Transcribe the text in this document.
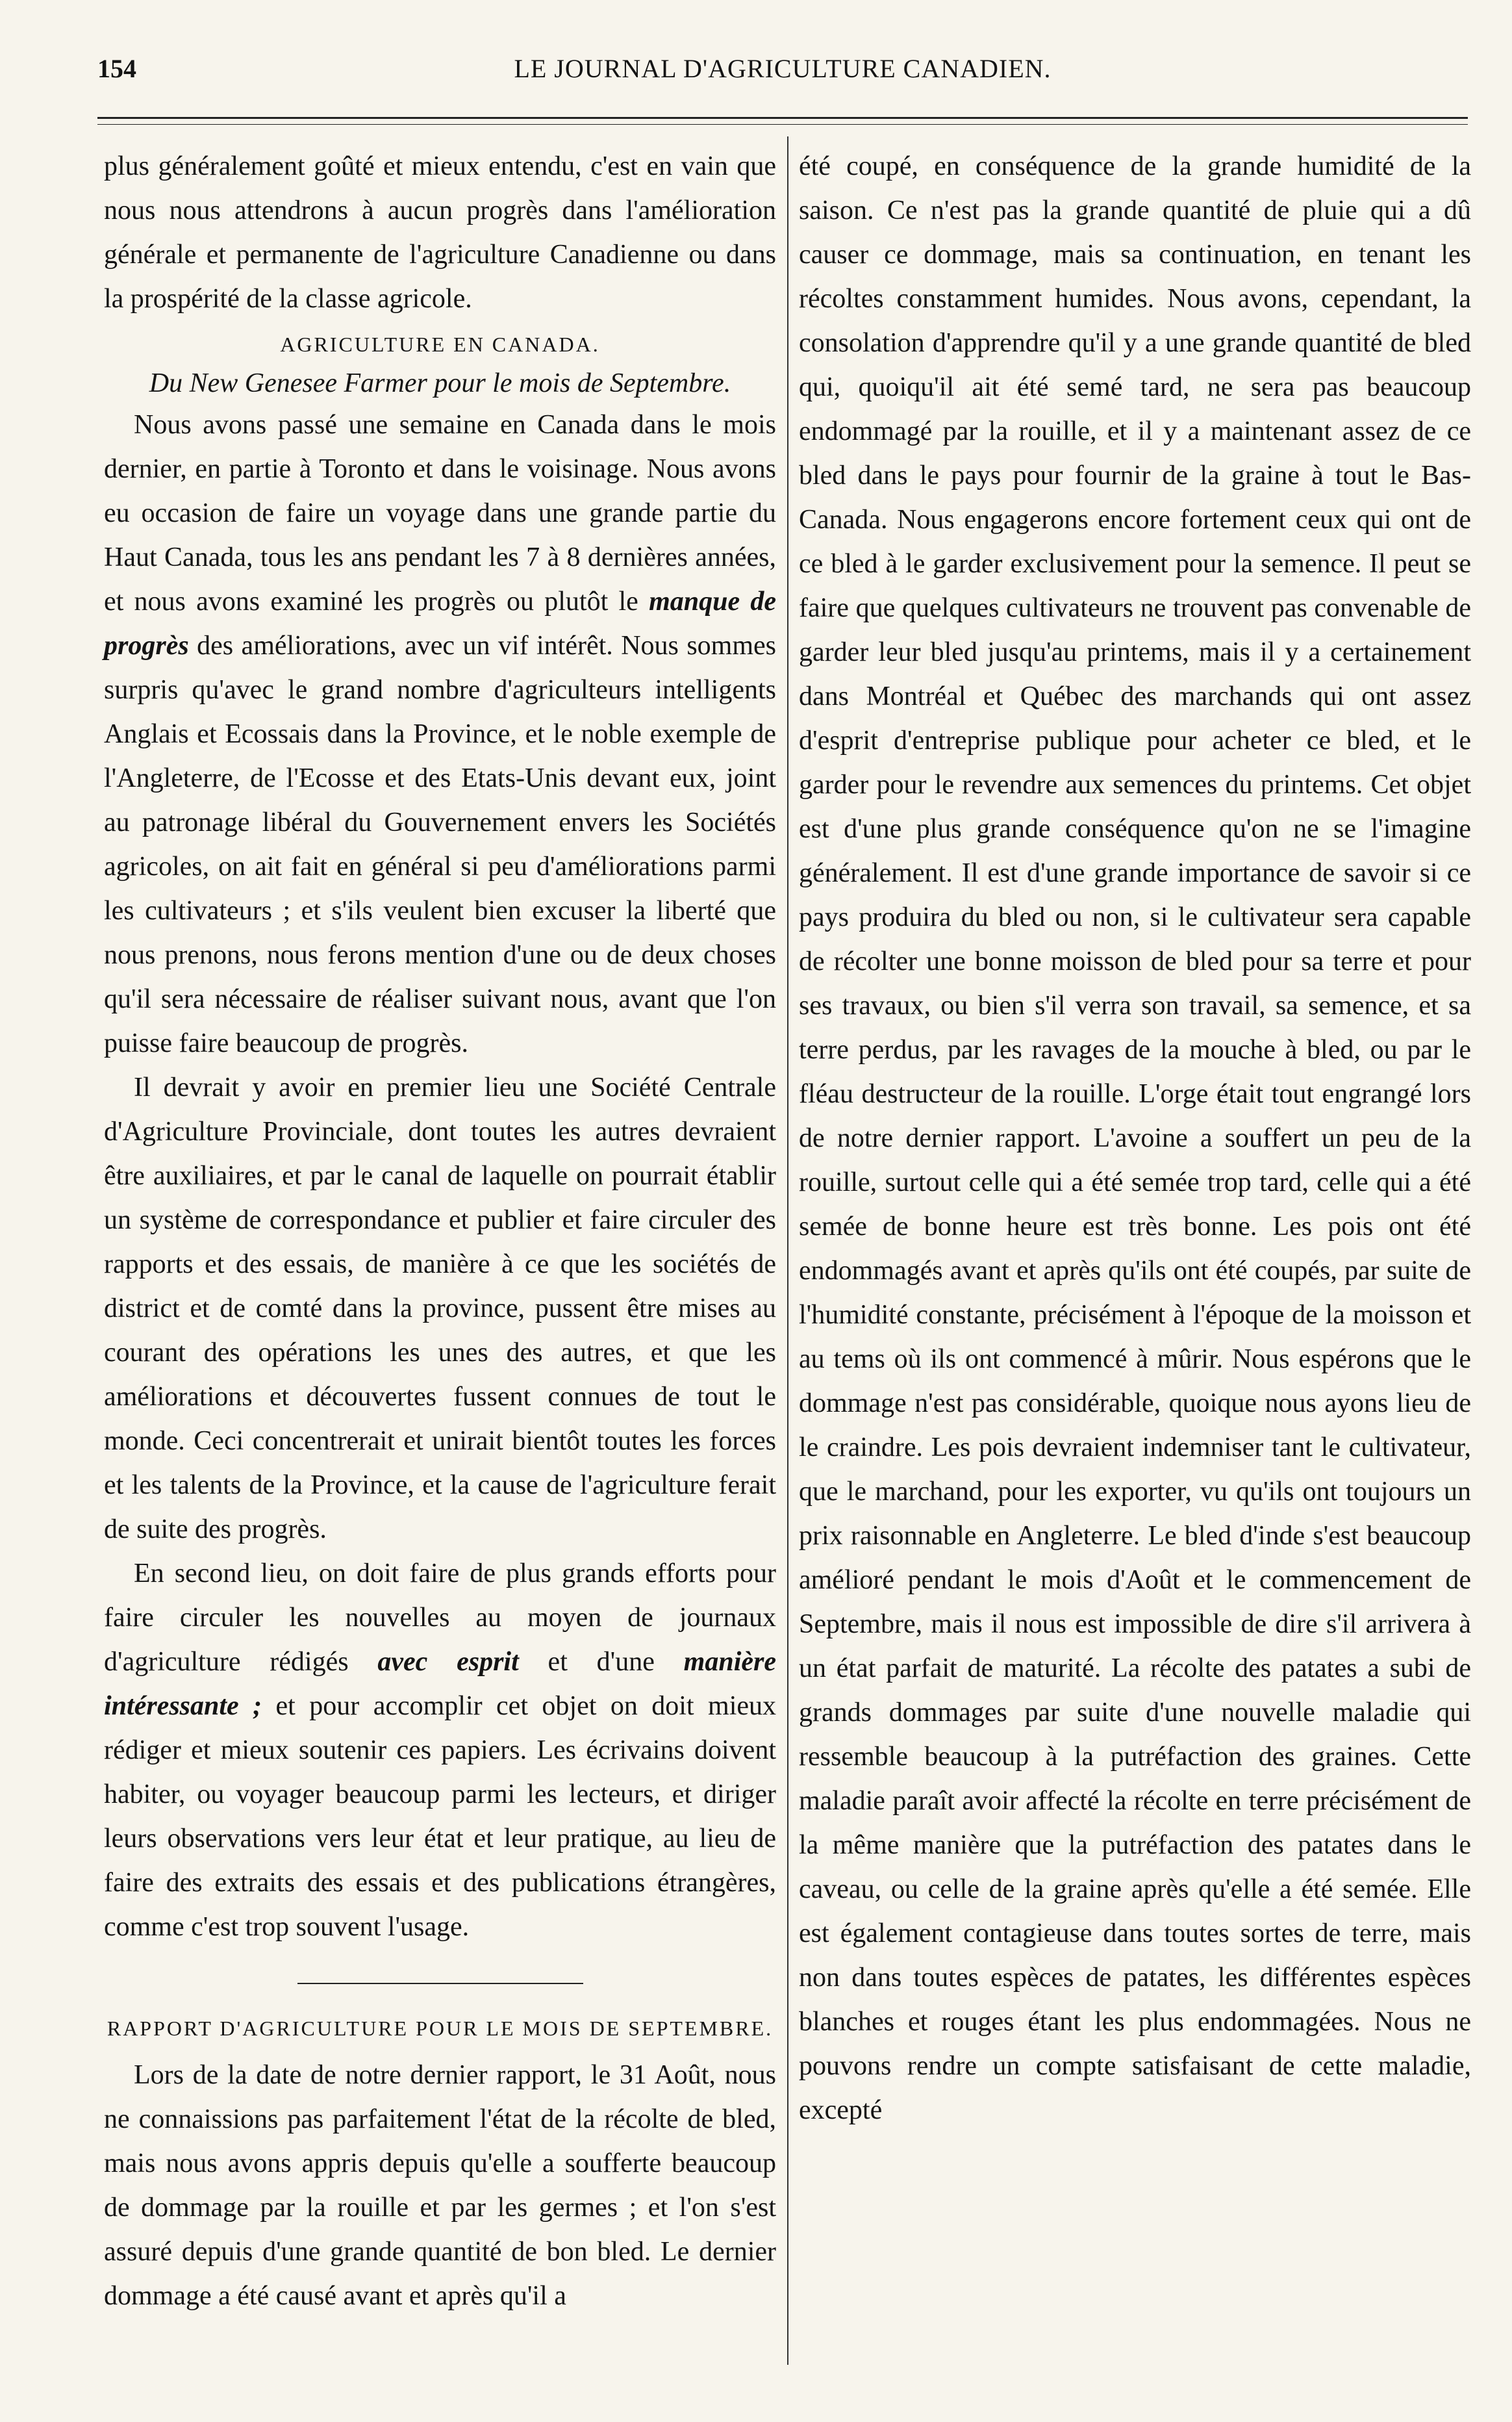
154	LE JOURNAL D'AGRICULTURE CANADIEN.

plus généralement goûté et mieux entendu, c'est en vain que nous nous attendrons à aucun progrès dans l'amélioration générale et permanente de l'agriculture Canadienne ou dans la prospérité de la classe agricole.

AGRICULTURE EN CANADA.
Du New Genesee Farmer pour le mois de Septembre.

Nous avons passé une semaine en Canada dans le mois dernier, en partie à Toronto et dans le voisinage. Nous avons eu occasion de faire un voyage dans une grande partie du Haut Canada, tous les ans pendant les 7 à 8 dernières années, et nous avons examiné les progrès ou plutôt le manque de progrès des améliorations, avec un vif intérêt. Nous sommes surpris qu'avec le grand nombre d'agriculteurs intelligents Anglais et Ecossais dans la Province, et le noble exemple de l'Angleterre, de l'Ecosse et des Etats-Unis devant eux, joint au patronage libéral du Gouvernement envers les Sociétés agricoles, on ait fait en général si peu d'améliorations parmi les cultivateurs ; et s'ils veulent bien excuser la liberté que nous prenons, nous ferons mention d'une ou de deux choses qu'il sera nécessaire de réaliser suivant nous, avant que l'on puisse faire beaucoup de progrès.

Il devrait y avoir en premier lieu une Société Centrale d'Agriculture Provinciale, dont toutes les autres devraient être auxiliaires, et par le canal de laquelle on pourrait établir un système de correspondance et publier et faire circuler des rapports et des essais, de manière à ce que les sociétés de district et de comté dans la province, pussent être mises au courant des opérations les unes des autres, et que les améliorations et découvertes fussent connues de tout le monde. Ceci concentrerait et unirait bientôt toutes les forces et les talents de la Province, et la cause de l'agriculture ferait de suite des progrès.

En second lieu, on doit faire de plus grands efforts pour faire circuler les nouvelles au moyen de journaux d'agriculture rédigés avec esprit et d'une manière intéressante ; et pour accomplir cet objet on doit mieux rédiger et mieux soutenir ces papiers. Les écrivains doivent habiter, ou voyager beaucoup parmi les lecteurs, et diriger leurs observations vers leur état et leur pratique, au lieu de faire des extraits des essais et des publications étrangères, comme c'est trop souvent l'usage.

RAPPORT D'AGRICULTURE POUR LE MOIS DE SEPTEMBRE.

Lors de la date de notre dernier rapport, le 31 Août, nous ne connaissions pas parfaitement l'état de la récolte de bled, mais nous avons appris depuis qu'elle a soufferte beaucoup de dommage par la rouille et par les germes ; et l'on s'est assuré depuis d'une grande quantité de bon bled. Le dernier dommage a été causé avant et après qu'il a

été coupé, en conséquence de la grande humidité de la saison. Ce n'est pas la grande quantité de pluie qui a dû causer ce dommage, mais sa continuation, en tenant les récoltes constamment humides. Nous avons, cependant, la consolation d'apprendre qu'il y a une grande quantité de bled qui, quoiqu'il ait été semé tard, ne sera pas beaucoup endommagé par la rouille, et il y a maintenant assez de ce bled dans le pays pour fournir de la graine à tout le Bas-Canada. Nous engagerons encore fortement ceux qui ont de ce bled à le garder exclusivement pour la semence. Il peut se faire que quelques cultivateurs ne trouvent pas convenable de garder leur bled jusqu'au printems, mais il y a certainement dans Montréal et Québec des marchands qui ont assez d'esprit d'entreprise publique pour acheter ce bled, et le garder pour le revendre aux semences du printems. Cet objet est d'une plus grande conséquence qu'on ne se l'imagine généralement. Il est d'une grande importance de savoir si ce pays produira du bled ou non, si le cultivateur sera capable de récolter une bonne moisson de bled pour sa terre et pour ses travaux, ou bien s'il verra son travail, sa semence, et sa terre perdus, par les ravages de la mouche à bled, ou par le fléau destructeur de la rouille. L'orge était tout engrangé lors de notre dernier rapport. L'avoine a souffert un peu de la rouille, surtout celle qui a été semée trop tard, celle qui a été semée de bonne heure est très bonne. Les pois ont été endommagés avant et après qu'ils ont été coupés, par suite de l'humidité constante, précisément à l'époque de la moisson et au tems où ils ont commencé à mûrir. Nous espérons que le dommage n'est pas considérable, quoique nous ayons lieu de le craindre. Les pois devraient indemniser tant le cultivateur, que le marchand, pour les exporter, vu qu'ils ont toujours un prix raisonnable en Angleterre. Le bled d'inde s'est beaucoup amélioré pendant le mois d'Août et le commencement de Septembre, mais il nous est impossible de dire s'il arrivera à un état parfait de maturité. La récolte des patates a subi de grands dommages par suite d'une nouvelle maladie qui ressemble beaucoup à la putréfaction des graines. Cette maladie paraît avoir affecté la récolte en terre précisément de la même manière que la putréfaction des patates dans le caveau, ou celle de la graine après qu'elle a été semée. Elle est également contagieuse dans toutes sortes de terre, mais non dans toutes espèces de patates, les différentes espèces blanches et rouges étant les plus endommagées. Nous ne pouvons rendre un compte satisfaisant de cette maladie, excepté
